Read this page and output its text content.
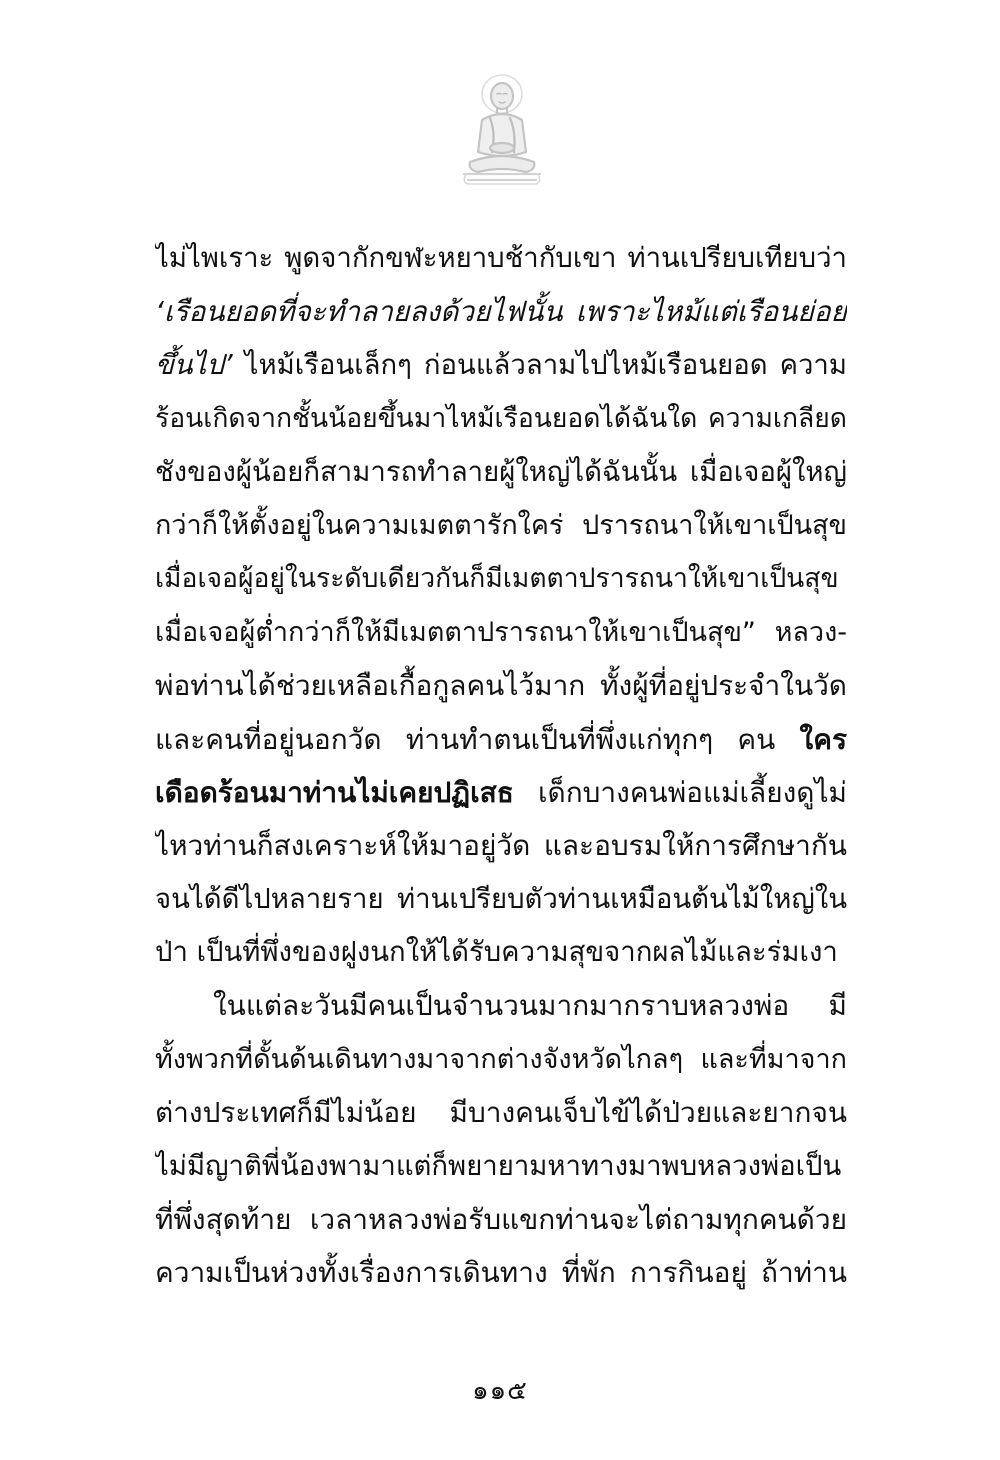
ไม่ไพเราะ พูดจากักขฬะหยาบช้ากับเขา ท่านเปรียบเทียบว่า
‘เรือนยอดที่จะทำลายลงด้วยไฟนั้น เพราะไหม้แต่เรือนย่อย
ขึ้นไป’ ไหม้เรือนเล็กๆ ก่อนแล้วลามไปไหม้เรือนยอด ความ
ร้อนเกิดจากชั้นน้อยขึ้นมาไหม้เรือนยอดได้ฉันใด ความเกลียด
ชังของผู้น้อยก็สามารถทำลายผู้ใหญ่ได้ฉันนั้น เมื่อเจอผู้ใหญ่
กว่าก็ให้ตั้งอยู่ในความเมตตารักใคร่ ปรารถนาให้เขาเป็นสุข
เมื่อเจอผู้อยู่ในระดับเดียวกันก็มีเมตตาปรารถนาให้เขาเป็นสุข
เมื่อเจอผู้ต่ำกว่าก็ให้มีเมตตาปรารถนาให้เขาเป็นสุข” หลวง-
พ่อท่านได้ช่วยเหลือเกื้อกูลคนไว้มาก ทั้งผู้ที่อยู่ประจำในวัด
และคนที่อยู่นอกวัด ท่านทำตนเป็นที่พึ่งแก่ทุกๆ คน ใคร
เดือดร้อนมาท่านไม่เคยปฏิเสธ เด็กบางคนพ่อแม่เลี้ยงดูไม่
ไหวท่านก็สงเคราะห์ให้มาอยู่วัด และอบรมให้การศึกษากัน
จนได้ดีไปหลายราย ท่านเปรียบตัวท่านเหมือนต้นไม้ใหญ่ใน
ป่า เป็นที่พึ่งของฝูงนกให้ได้รับความสุขจากผลไม้และร่มเงา
ในแต่ละวันมีคนเป็นจำนวนมากมากราบหลวงพ่อ มี
ทั้งพวกที่ดั้นด้นเดินทางมาจากต่างจังหวัดไกลๆ และที่มาจาก
ต่างประเทศก็มีไม่น้อย มีบางคนเจ็บไข้ได้ป่วยและยากจน
ไม่มีญาติพี่น้องพามาแต่ก็พยายามหาทางมาพบหลวงพ่อเป็น
ที่พึ่งสุดท้าย เวลาหลวงพ่อรับแขกท่านจะไต่ถามทุกคนด้วย
ความเป็นห่วงทั้งเรื่องการเดินทาง ที่พัก การกินอยู่ ถ้าท่าน
๑๑๕
